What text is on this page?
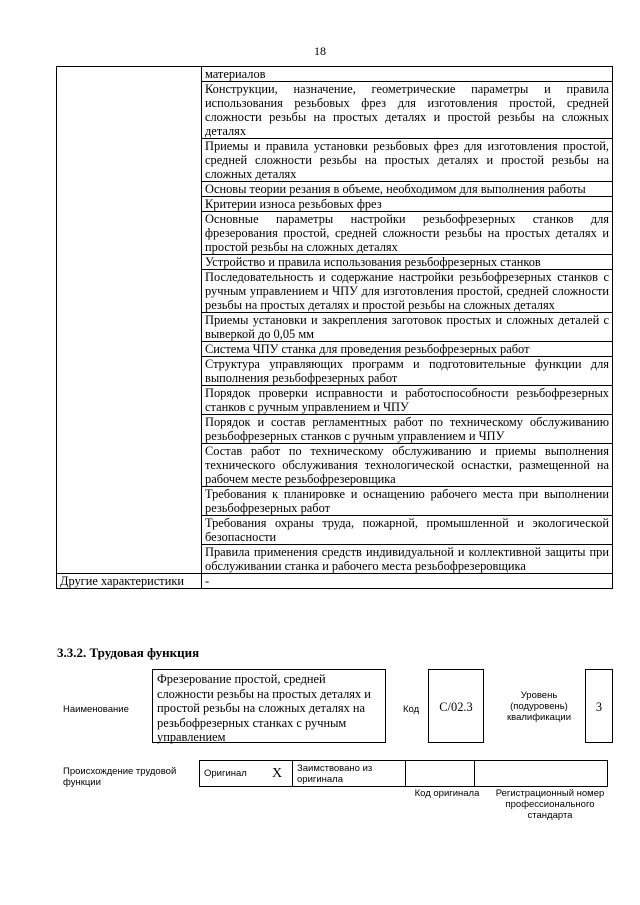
18
	материалов
	Конструкции, назначение, геометрические параметры и правила использования резьбовых фрез для изготовления простой, средней сложности резьбы на простых деталях и простой резьбы на сложных деталях
	Приемы и правила установки резьбовых фрез для изготовления простой, средней сложности резьбы на простых деталях и простой резьбы на сложных деталях
	Основы теории резания в объеме, необходимом для выполнения работы
	Критерии износа резьбовых фрез
	Основные параметры настройки резьбофрезерных станков для фрезерования простой, средней сложности резьбы на простых деталях и простой резьбы на сложных деталях
	Устройство и правила использования резьбофрезерных станков
	Последовательность и содержание настройки резьбофрезерных станков с ручным управлением и ЧПУ для изготовления простой, средней сложности резьбы на простых деталях и простой резьбы на сложных деталях
	Приемы установки и закрепления заготовок простых и сложных деталей с выверкой до 0,05 мм
	Система ЧПУ станка для проведения резьбофрезерных работ
	Структура управляющих программ и подготовительные функции для выполнения резьбофрезерных работ
	Порядок проверки исправности и работоспособности резьбофрезерных станков с ручным управлением и ЧПУ
	Порядок и состав регламентных работ по техническому обслуживанию резьбофрезерных станков с ручным управлением и ЧПУ
	Состав работ по техническому обслуживанию и приемы выполнения технического обслуживания технологической оснастки, размещенной на рабочем месте резьбофрезеровщика
	Требования к планировке и оснащению рабочего места при выполнении резьбофрезерных работ
	Требования охраны труда, пожарной, промышленной и экологической безопасности
	Правила применения средств индивидуальной и коллективной защиты при обслуживании станка и рабочего места резьбофрезеровщика
Другие характеристики	-
3.3.2. Трудовая функция
Наименование
Фрезерование простой, средней сложности резьбы на простых деталях и простой резьбы на сложных деталях на резьбофрезерных станках с ручным управлением
Код	С/02.3
Уровень (подуровень) квалификации
3
Происхождение трудовой функции
Оригинал	X	Заимствовано из оригинала		
Код оригинала	Регистрационный номер профессионального стандарта
